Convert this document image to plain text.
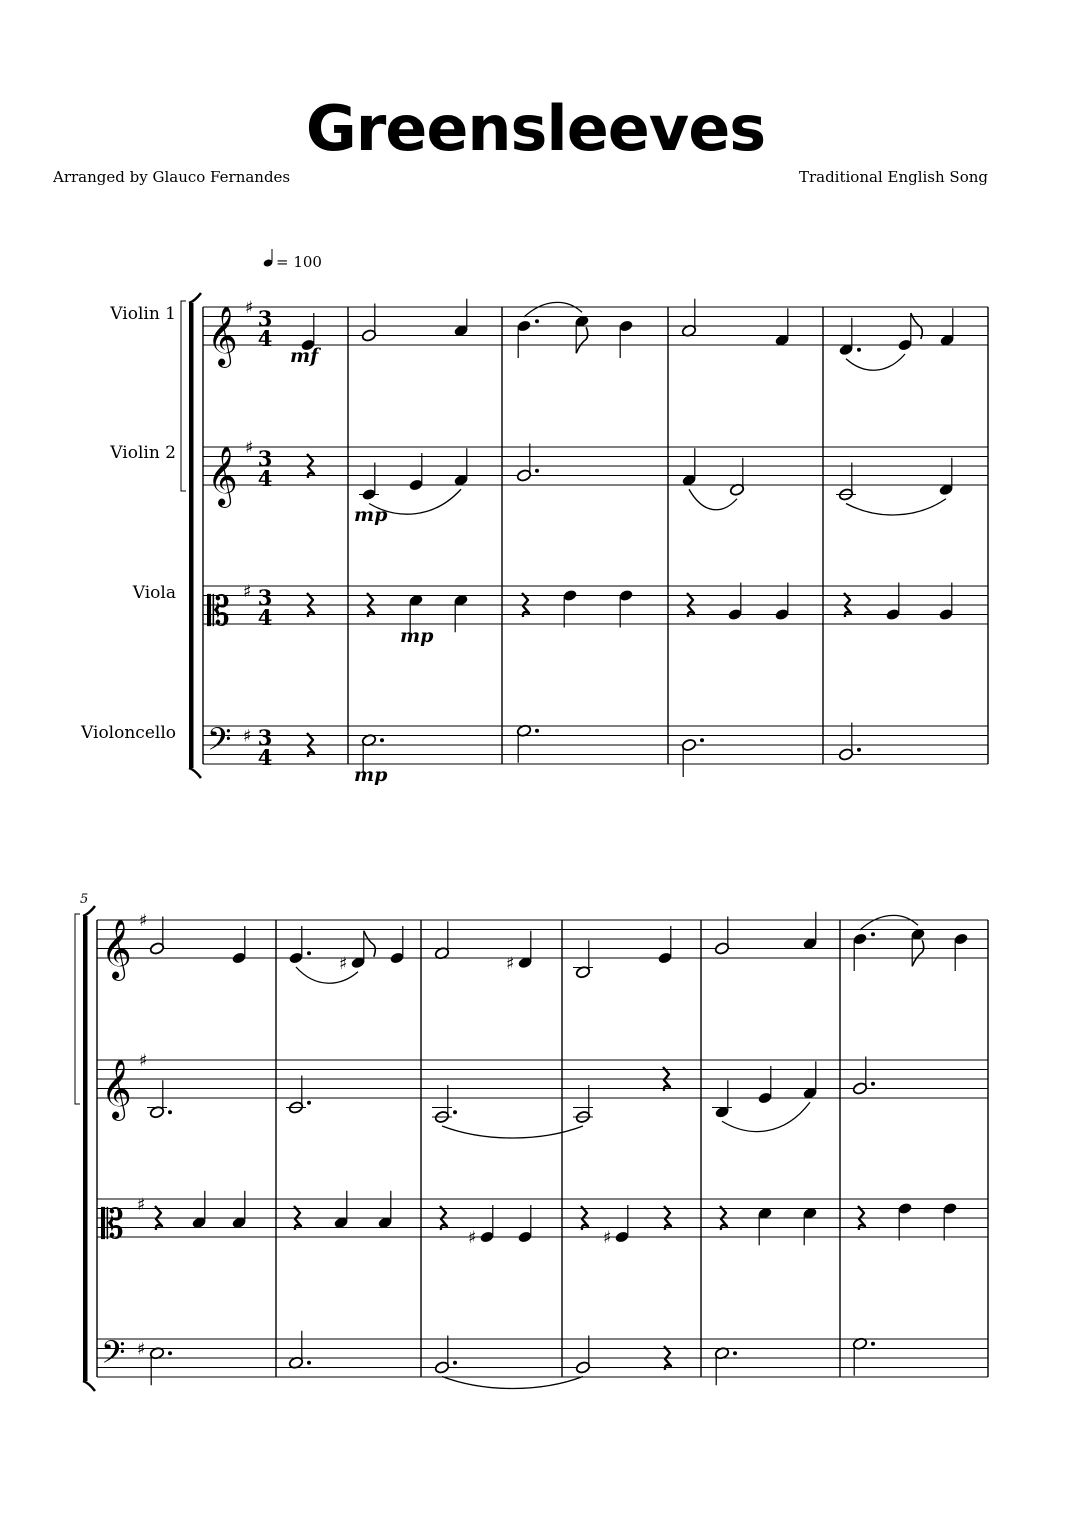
Greensleeves
Arranged by Glauco Fernandes	Traditional English Song
𝄞 ♯ 3
4
𝄞 ♯ 3
4
𝄡 ♯ 3
4
𝄢 ♯ 3
4
𝄞 ♯
𝄞 ♯
𝄡 ♯
𝄢 ♯
♯	♯
♯	♯
Violin 1
Violin 2
Viola
Violoncello
= 100
mf
mp
mp
mp
5
